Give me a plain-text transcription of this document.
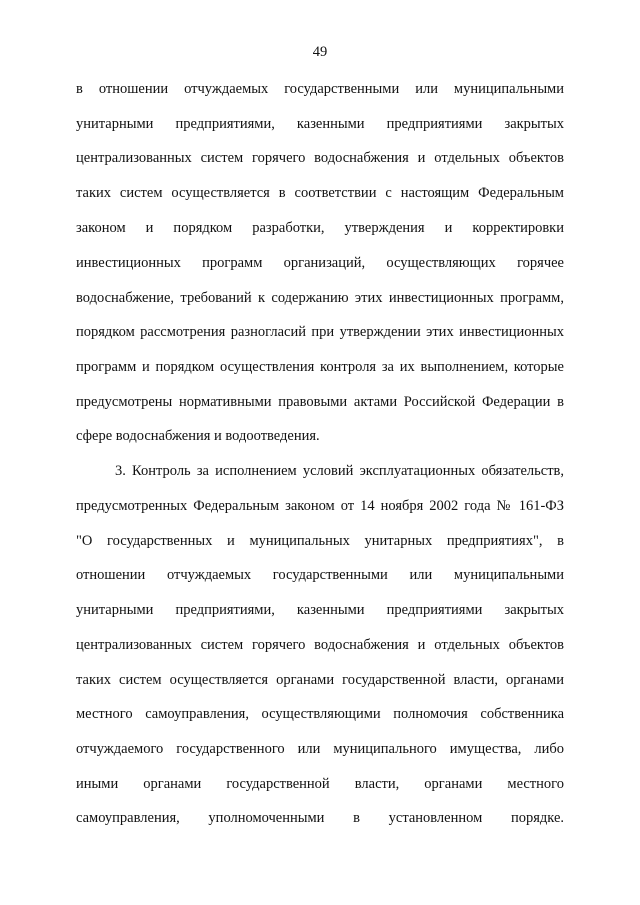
49
в отношении отчуждаемых государственными или муниципальными
унитарными предприятиями, казенными предприятиями закрытых
централизованных систем горячего водоснабжения и отдельных объектов
таких систем осуществляется в соответствии с настоящим Федеральным
законом и порядком разработки, утверждения и корректировки
инвестиционных программ организаций, осуществляющих горячее
водоснабжение, требований к содержанию этих инвестиционных программ,
порядком рассмотрения разногласий при утверждении этих инвестиционных
программ и порядком осуществления контроля за их выполнением, которые
предусмотрены нормативными правовыми актами Российской Федерации в
сфере водоснабжения и водоотведения.
3. Контроль за исполнением условий эксплуатационных обязательств,
предусмотренных Федеральным законом от 14 ноября 2002 года № 161-ФЗ
"О государственных и муниципальных унитарных предприятиях", в
отношении отчуждаемых государственными или муниципальными
унитарными предприятиями, казенными предприятиями закрытых
централизованных систем горячего водоснабжения и отдельных объектов
таких систем осуществляется органами государственной власти, органами
местного самоуправления, осуществляющими полномочия собственника
отчуждаемого государственного или муниципального имущества, либо
иными органами государственной власти, органами местного
самоуправления, уполномоченными в установленном порядке.
